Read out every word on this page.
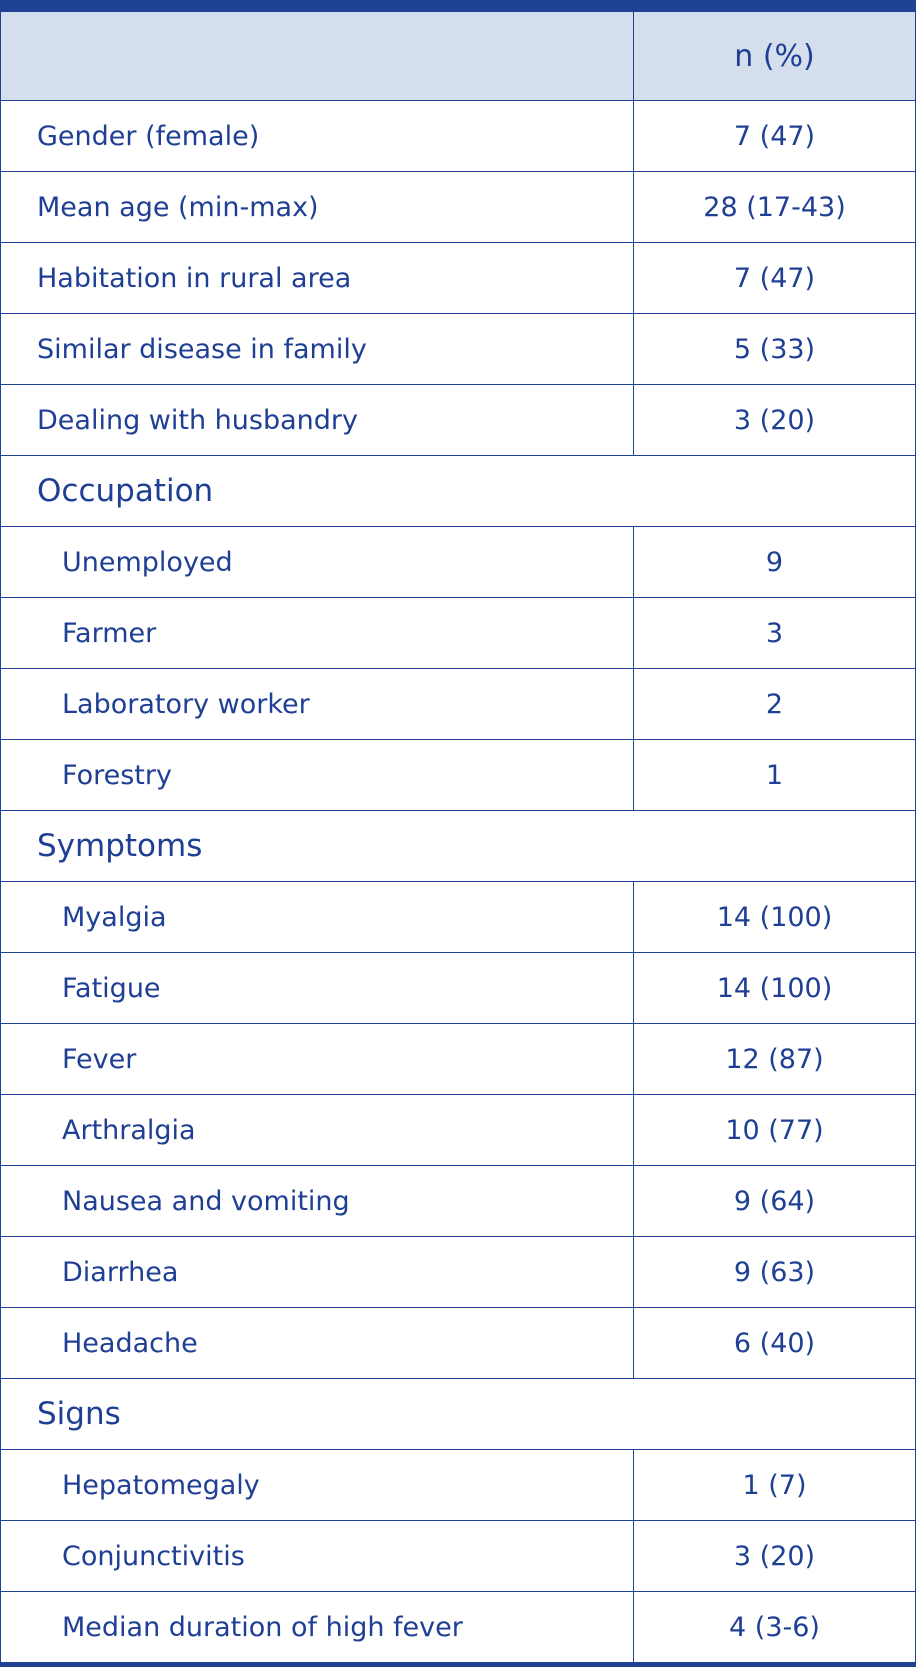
	n (%)
Gender (female)	7 (47)
Mean age (min-max)	28 (17-43)
Habitation in rural area	7 (47)
Similar disease in family	5 (33)
Dealing with husbandry	3 (20)
Occupation	
Unemployed	9
Farmer	3
Laboratory worker	2
Forestry	1
Symptoms	
Myalgia	14 (100)
Fatigue	14 (100)
Fever	12 (87)
Arthralgia	10 (77)
Nausea and vomiting	9 (64)
Diarrhea	9 (63)
Headache	6 (40)
Signs	
Hepatomegaly	1 (7)
Conjunctivitis	3 (20)
Median duration of high fever	4 (3-6)
